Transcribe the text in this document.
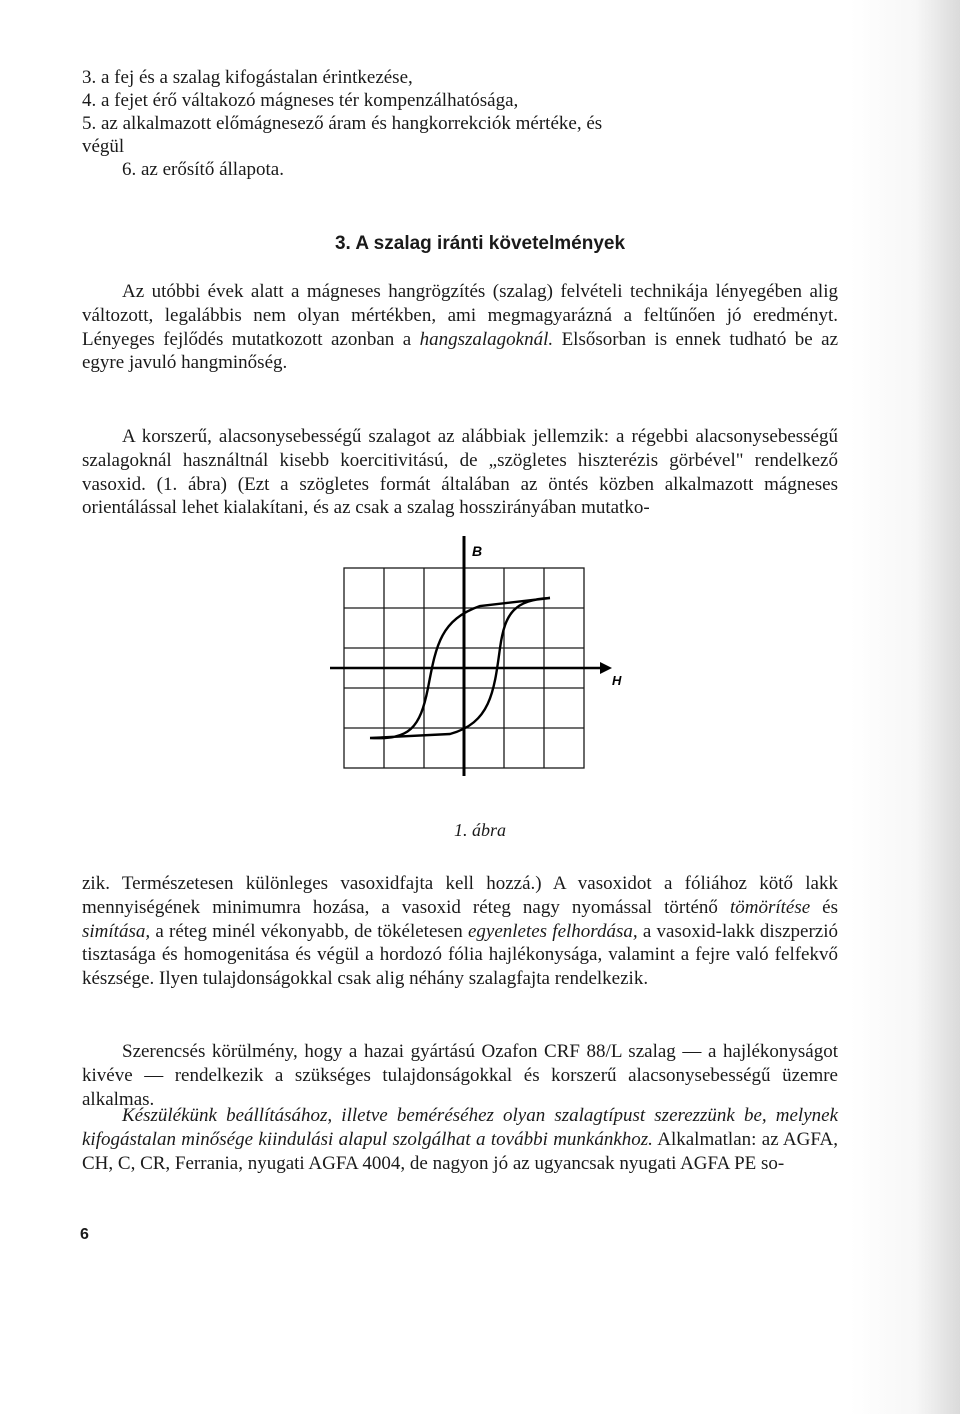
3. a fej és a szalag kifogástalan érintkezése,
4. a fejet érő váltakozó mágneses tér kompenzálhatósága,
5. az alkalmazott előmágnesező áram és hangkorrekciók mértéke, és
végül
6. az erősítő állapota.
3. A szalag iránti követelmények
Az utóbbi évek alatt a mágneses hangrögzítés (szalag) felvételi technikája lényegében alig változott, legalábbis nem olyan mértékben, ami megmagyarázná a feltűnően jó eredményt. Lényeges fejlődés mutatkozott azonban a hangszalagoknál. Elsősorban is ennek tudható be az egyre javuló hangminőség.
A korszerű, alacsonysebességű szalagot az alábbiak jellemzik: a régebbi alacsonysebességű szalagoknál használtnál kisebb koercitivitású, de „szögletes hiszterézis görbével" rendelkező vasoxid. (1. ábra) (Ezt a szögletes formát általában az öntés közben alkalmazott mágneses orientálással lehet kialakítani, és az csak a szalag hosszirányában mutatko-
B
H
1. ábra
zik. Természetesen különleges vasoxidfajta kell hozzá.) A vasoxidot a fóliához kötő lakk mennyiségének minimumra hozása, a vasoxid réteg nagy nyomással történő tömörítése és simítása, a réteg minél vékonyabb, de tökéletesen egyenletes felhordása, a vasoxid-lakk diszperzió tisztasága és homogenitása és végül a hordozó fólia hajlékonysága, valamint a fejre való felfekvő készsége. Ilyen tulajdonságokkal csak alig néhány szalagfajta rendelkezik.
Szerencsés körülmény, hogy a hazai gyártású Ozafon CRF 88/L szalag — a hajlékonyságot kivéve — rendelkezik a szükséges tulajdonságokkal és korszerű alacsonysebességű üzemre alkalmas.
Készülékünk beállításához, illetve beméréséhez olyan szalagtípust szerezzünk be, melynek kifogástalan minősége kiindulási alapul szolgálhat a további munkánkhoz. Alkalmatlan: az AGFA, CH, C, CR, Ferrania, nyugati AGFA 4004, de nagyon jó az ugyancsak nyugati AGFA PE so-
6
